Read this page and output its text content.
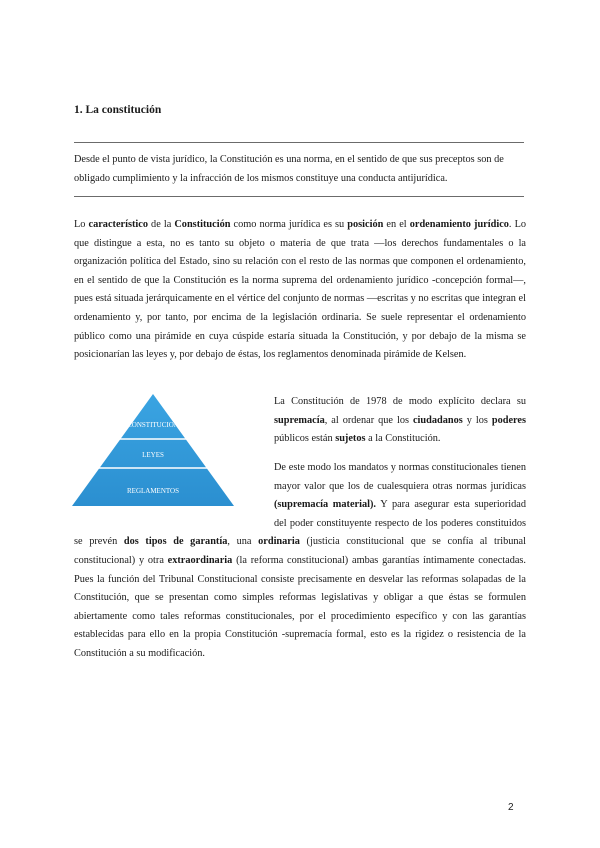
1. La constitución
Desde el punto de vista jurídico, la Constitución es una norma, en el sentido de que sus preceptos son de obligado cumplimiento y la infracción de los mismos constituye una conducta antijurídica.
Lo característico de la Constitución como norma jurídica es su posición en el ordenamiento jurídico. Lo que distingue a esta, no es tanto su objeto o materia de que trata —los derechos fundamentales o la organización política del Estado, sino su relación con el resto de las normas que componen el ordenamiento, en el sentido de que la Constitución es la norma suprema del ordenamiento jurídico -concepción formal—, pues está situada jerárquicamente en el vértice del conjunto de normas —escritas y no escritas que integran el ordenamiento y, por tanto, por encima de la legislación ordinaria. Se suele representar el ordenamiento público como una pirámide en cuya cúspide estaría situada la Constitución, y por debajo de la misma se posicionarían las leyes y, por debajo de éstas, los reglamentos denominada pirámide de Kelsen.
CONSTITUCION
LEYES
REGLAMENTOS
La Constitución de 1978 de modo explícito declara su supremacía, al ordenar que los ciudadanos y los poderes públicos están sujetos a la Constitución.
De este modo los mandatos y normas constitucionales tienen mayor valor que los de cualesquiera otras normas jurídicas (supremacía material). Y para asegurar esta superioridad del poder constituyente respecto de los poderes constituidos se prevén dos tipos de garantía, una ordinaria (justicia constitucional que se confía al tribunal constitucional) y otra extraordinaria (la reforma constitucional) ambas garantías íntimamente conectadas. Pues la función del Tribunal Constitucional consiste precisamente en desvelar las reformas solapadas de la Constitución, que se presentan como simples reformas legislativas y obligar a que éstas se formulen abiertamente como tales reformas constitucionales, por el procedimiento específico y con las garantías establecidas para ello en la propia Constitución -supremacía formal, esto es la rigidez o resistencia de la Constitución a su modificación.
2
